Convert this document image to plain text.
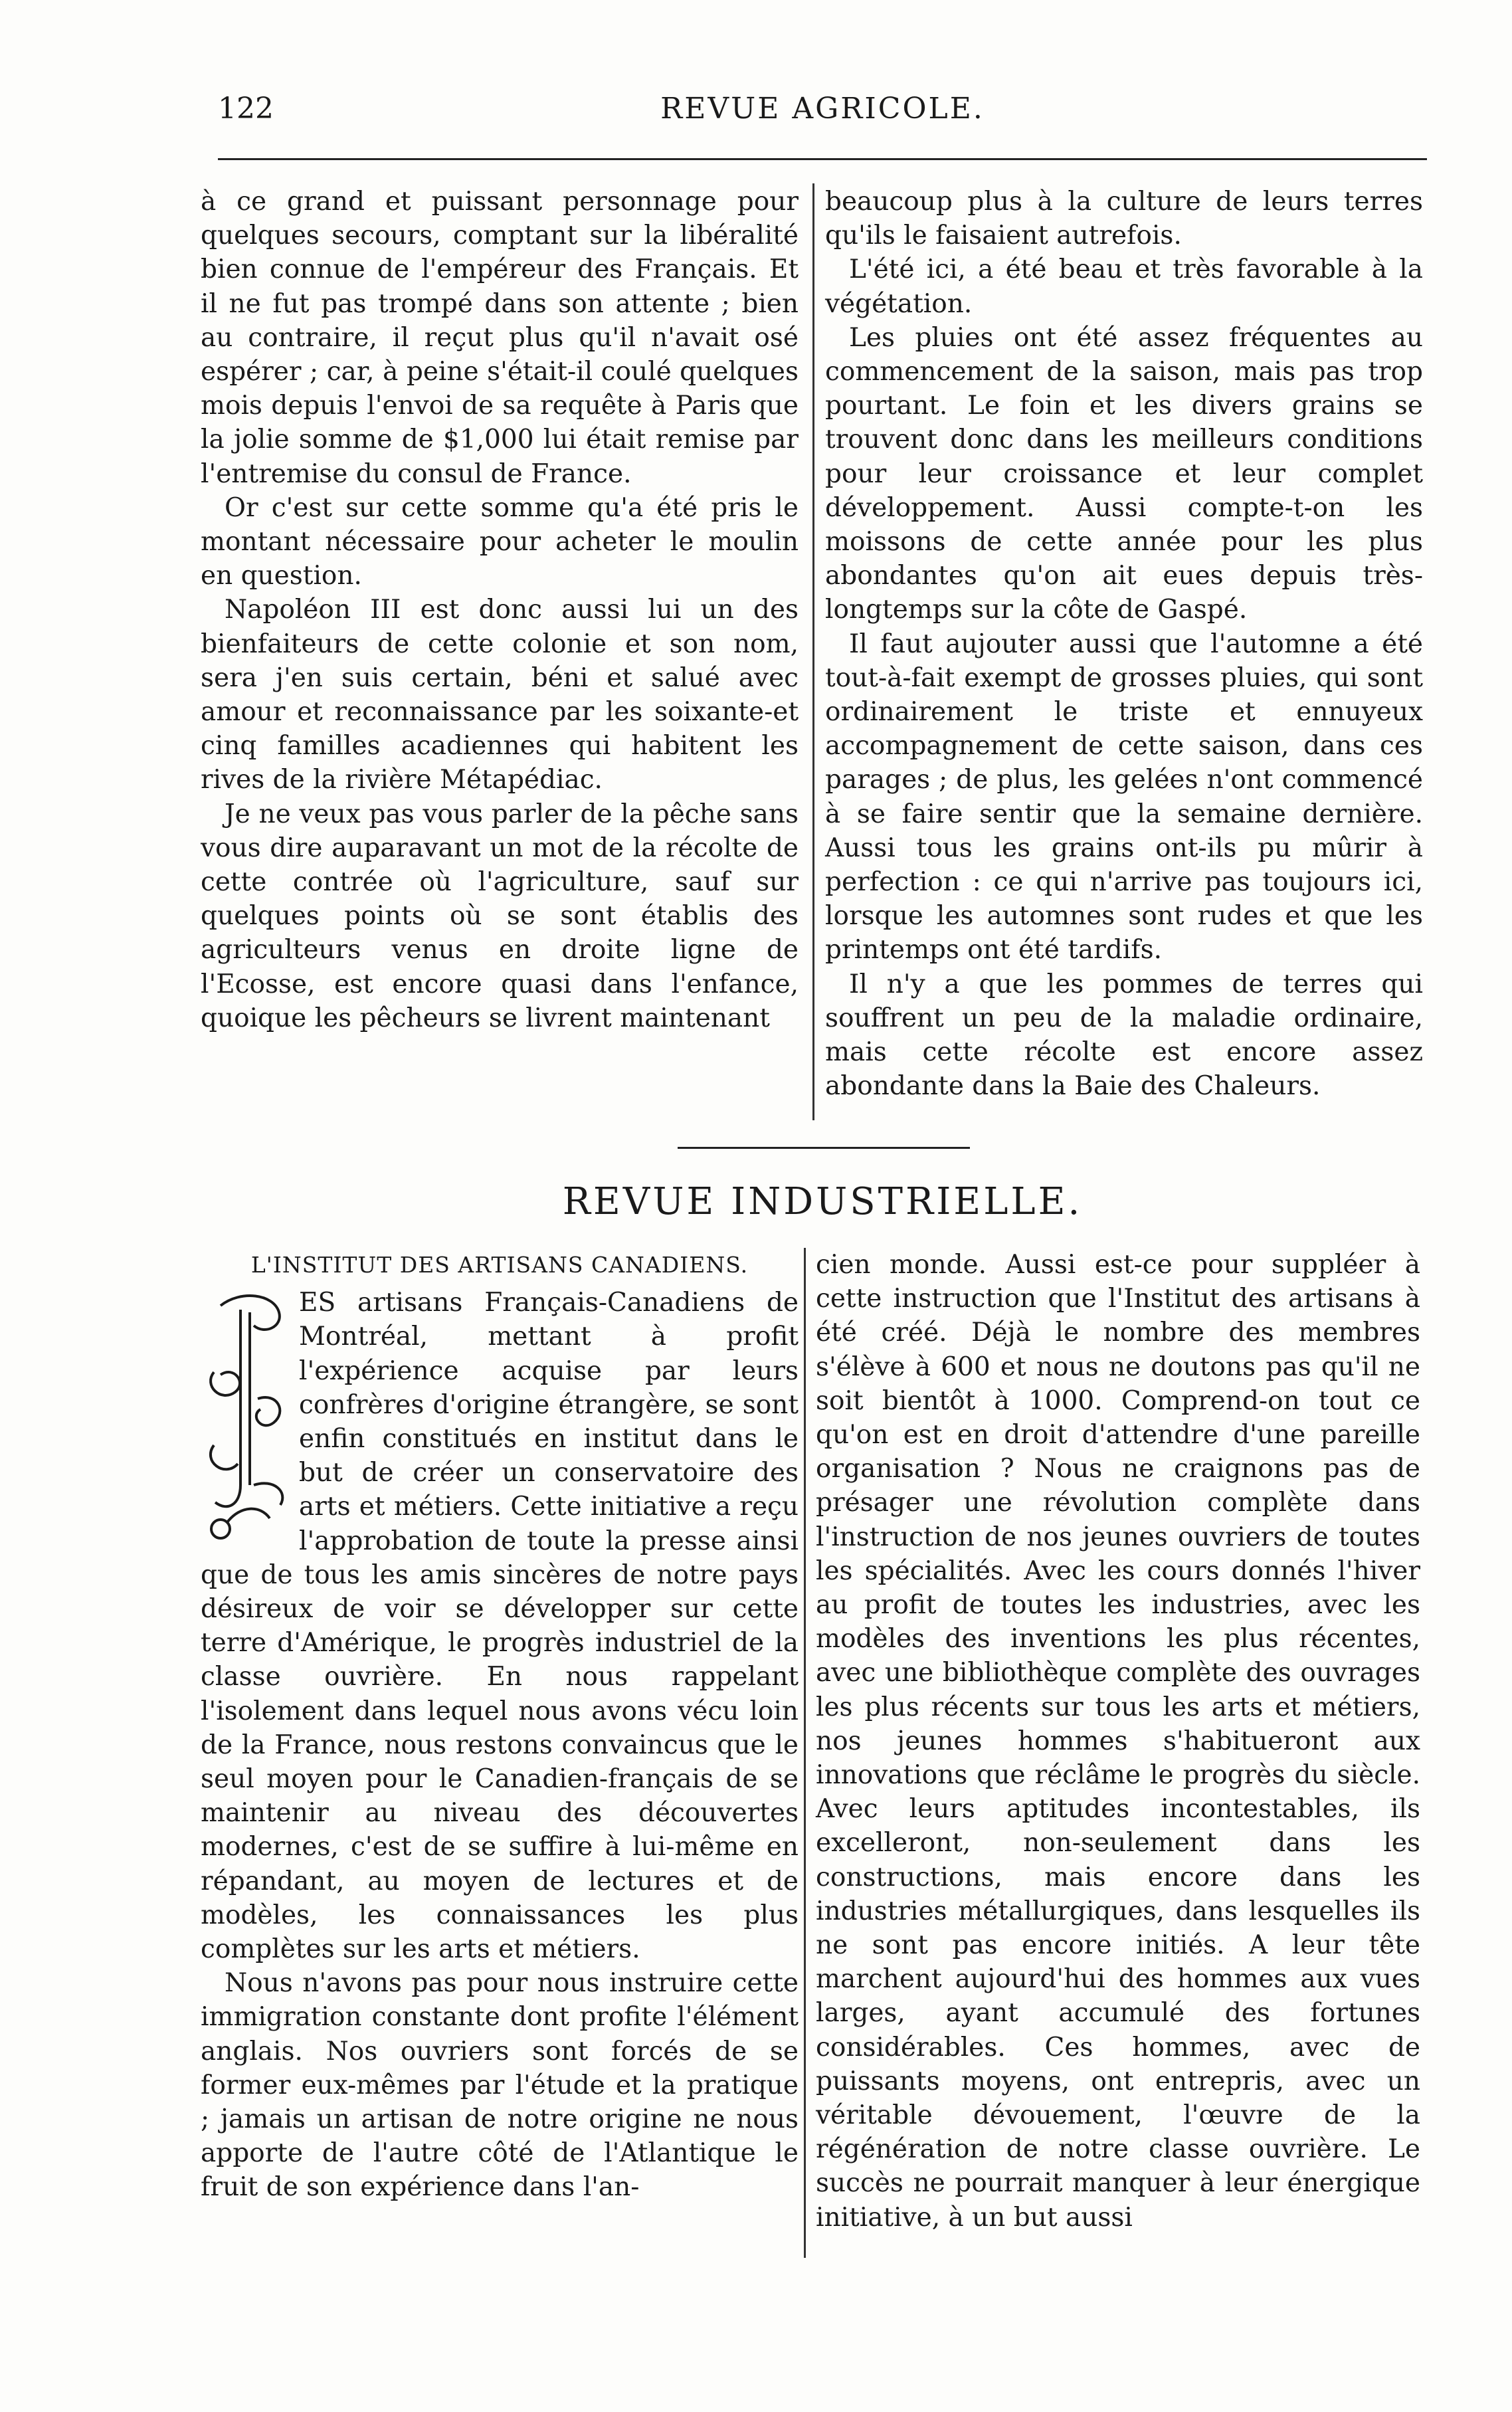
122	REVUE AGRICOLE.

à ce grand et puissant personnage pour quelques secours, comptant sur la libéralité bien connue de l'empéreur des Français. Et il ne fut pas trompé dans son attente ; bien au contraire, il reçut plus qu'il n'avait osé espérer ; car, à peine s'était-il coulé quelques mois depuis l'envoi de sa requête à Paris que la jolie somme de $1,000 lui était remise par l'entremise du consul de France.

Or c'est sur cette somme qu'a été pris le montant nécessaire pour acheter le moulin en question.

Napoléon III est donc aussi lui un des bienfaiteurs de cette colonie et son nom, sera j'en suis certain, béni et salué avec amour et reconnaissance par les soixante-et cinq familles acadiennes qui habitent les rives de la rivière Métapédiac.

Je ne veux pas vous parler de la pêche sans vous dire auparavant un mot de la récolte de cette contrée où l'agriculture, sauf sur quelques points où se sont établis des agriculteurs venus en droite ligne de l'Ecosse, est encore quasi dans l'enfance, quoique les pêcheurs se livrent maintenant

beaucoup plus à la culture de leurs terres qu'ils le faisaient autrefois.

L'été ici, a été beau et très favorable à la végétation.

Les pluies ont été assez fréquentes au commencement de la saison, mais pas trop pourtant. Le foin et les divers grains se trouvent donc dans les meilleurs conditions pour leur croissance et leur complet développement. Aussi compte-t-on les moissons de cette année pour les plus abondantes qu'on ait eues depuis très-longtemps sur la côte de Gaspé.

Il faut aujouter aussi que l'automne a été tout-à-fait exempt de grosses pluies, qui sont ordinairement le triste et ennuyeux accompagnement de cette saison, dans ces parages ; de plus, les gelées n'ont commencé à se faire sentir que la semaine dernière. Aussi tous les grains ont-ils pu mûrir à perfection : ce qui n'arrive pas toujours ici, lorsque les automnes sont rudes et que les printemps ont été tardifs.

Il n'y a que les pommes de terres qui souffrent un peu de la maladie ordinaire, mais cette récolte est encore assez abondante dans la Baie des Chaleurs.

REVUE INDUSTRIELLE.

L'INSTITUT DES ARTISANS CANADIENS.

ES artisans Français-Canadiens de Montréal, mettant à profit l'expérience acquise par leurs confrères d'origine étrangère, se sont enfin constitués en institut dans le but de créer un conservatoire des arts et métiers. Cette initiative a reçu l'approbation de toute la presse ainsi que de tous les amis sincères de notre pays désireux de voir se développer sur cette terre d'Amérique, le progrès industriel de la classe ouvrière. En nous rappelant l'isolement dans lequel nous avons vécu loin de la France, nous restons convaincus que le seul moyen pour le Canadien-français de se maintenir au niveau des découvertes modernes, c'est de se suffire à lui-même en répandant, au moyen de lectures et de modèles, les connaissances les plus complètes sur les arts et métiers.

Nous n'avons pas pour nous instruire cette immigration constante dont profite l'élément anglais. Nos ouvriers sont forcés de se former eux-mêmes par l'étude et la pratique ; jamais un artisan de notre origine ne nous apporte de l'autre côté de l'Atlantique le fruit de son expérience dans l'an-

cien monde. Aussi est-ce pour suppléer à cette instruction que l'Institut des artisans à été créé. Déjà le nombre des membres s'élève à 600 et nous ne doutons pas qu'il ne soit bientôt à 1000. Comprend-on tout ce qu'on est en droit d'attendre d'une pareille organisation ? Nous ne craignons pas de présager une révolution complète dans l'instruction de nos jeunes ouvriers de toutes les spécialités. Avec les cours donnés l'hiver au profit de toutes les industries, avec les modèles des inventions les plus récentes, avec une bibliothèque complète des ouvrages les plus récents sur tous les arts et métiers, nos jeunes hommes s'habitueront aux innovations que réclâme le progrès du siècle. Avec leurs aptitudes incontestables, ils excelleront, non-seulement dans les constructions, mais encore dans les industries métallurgiques, dans lesquelles ils ne sont pas encore initiés. A leur tête marchent aujourd'hui des hommes aux vues larges, ayant accumulé des fortunes considérables. Ces hommes, avec de puissants moyens, ont entrepris, avec un véritable dévouement, l'œuvre de la régénération de notre classe ouvrière. Le succès ne pourrait manquer à leur énergique initiative, à un but aussi
